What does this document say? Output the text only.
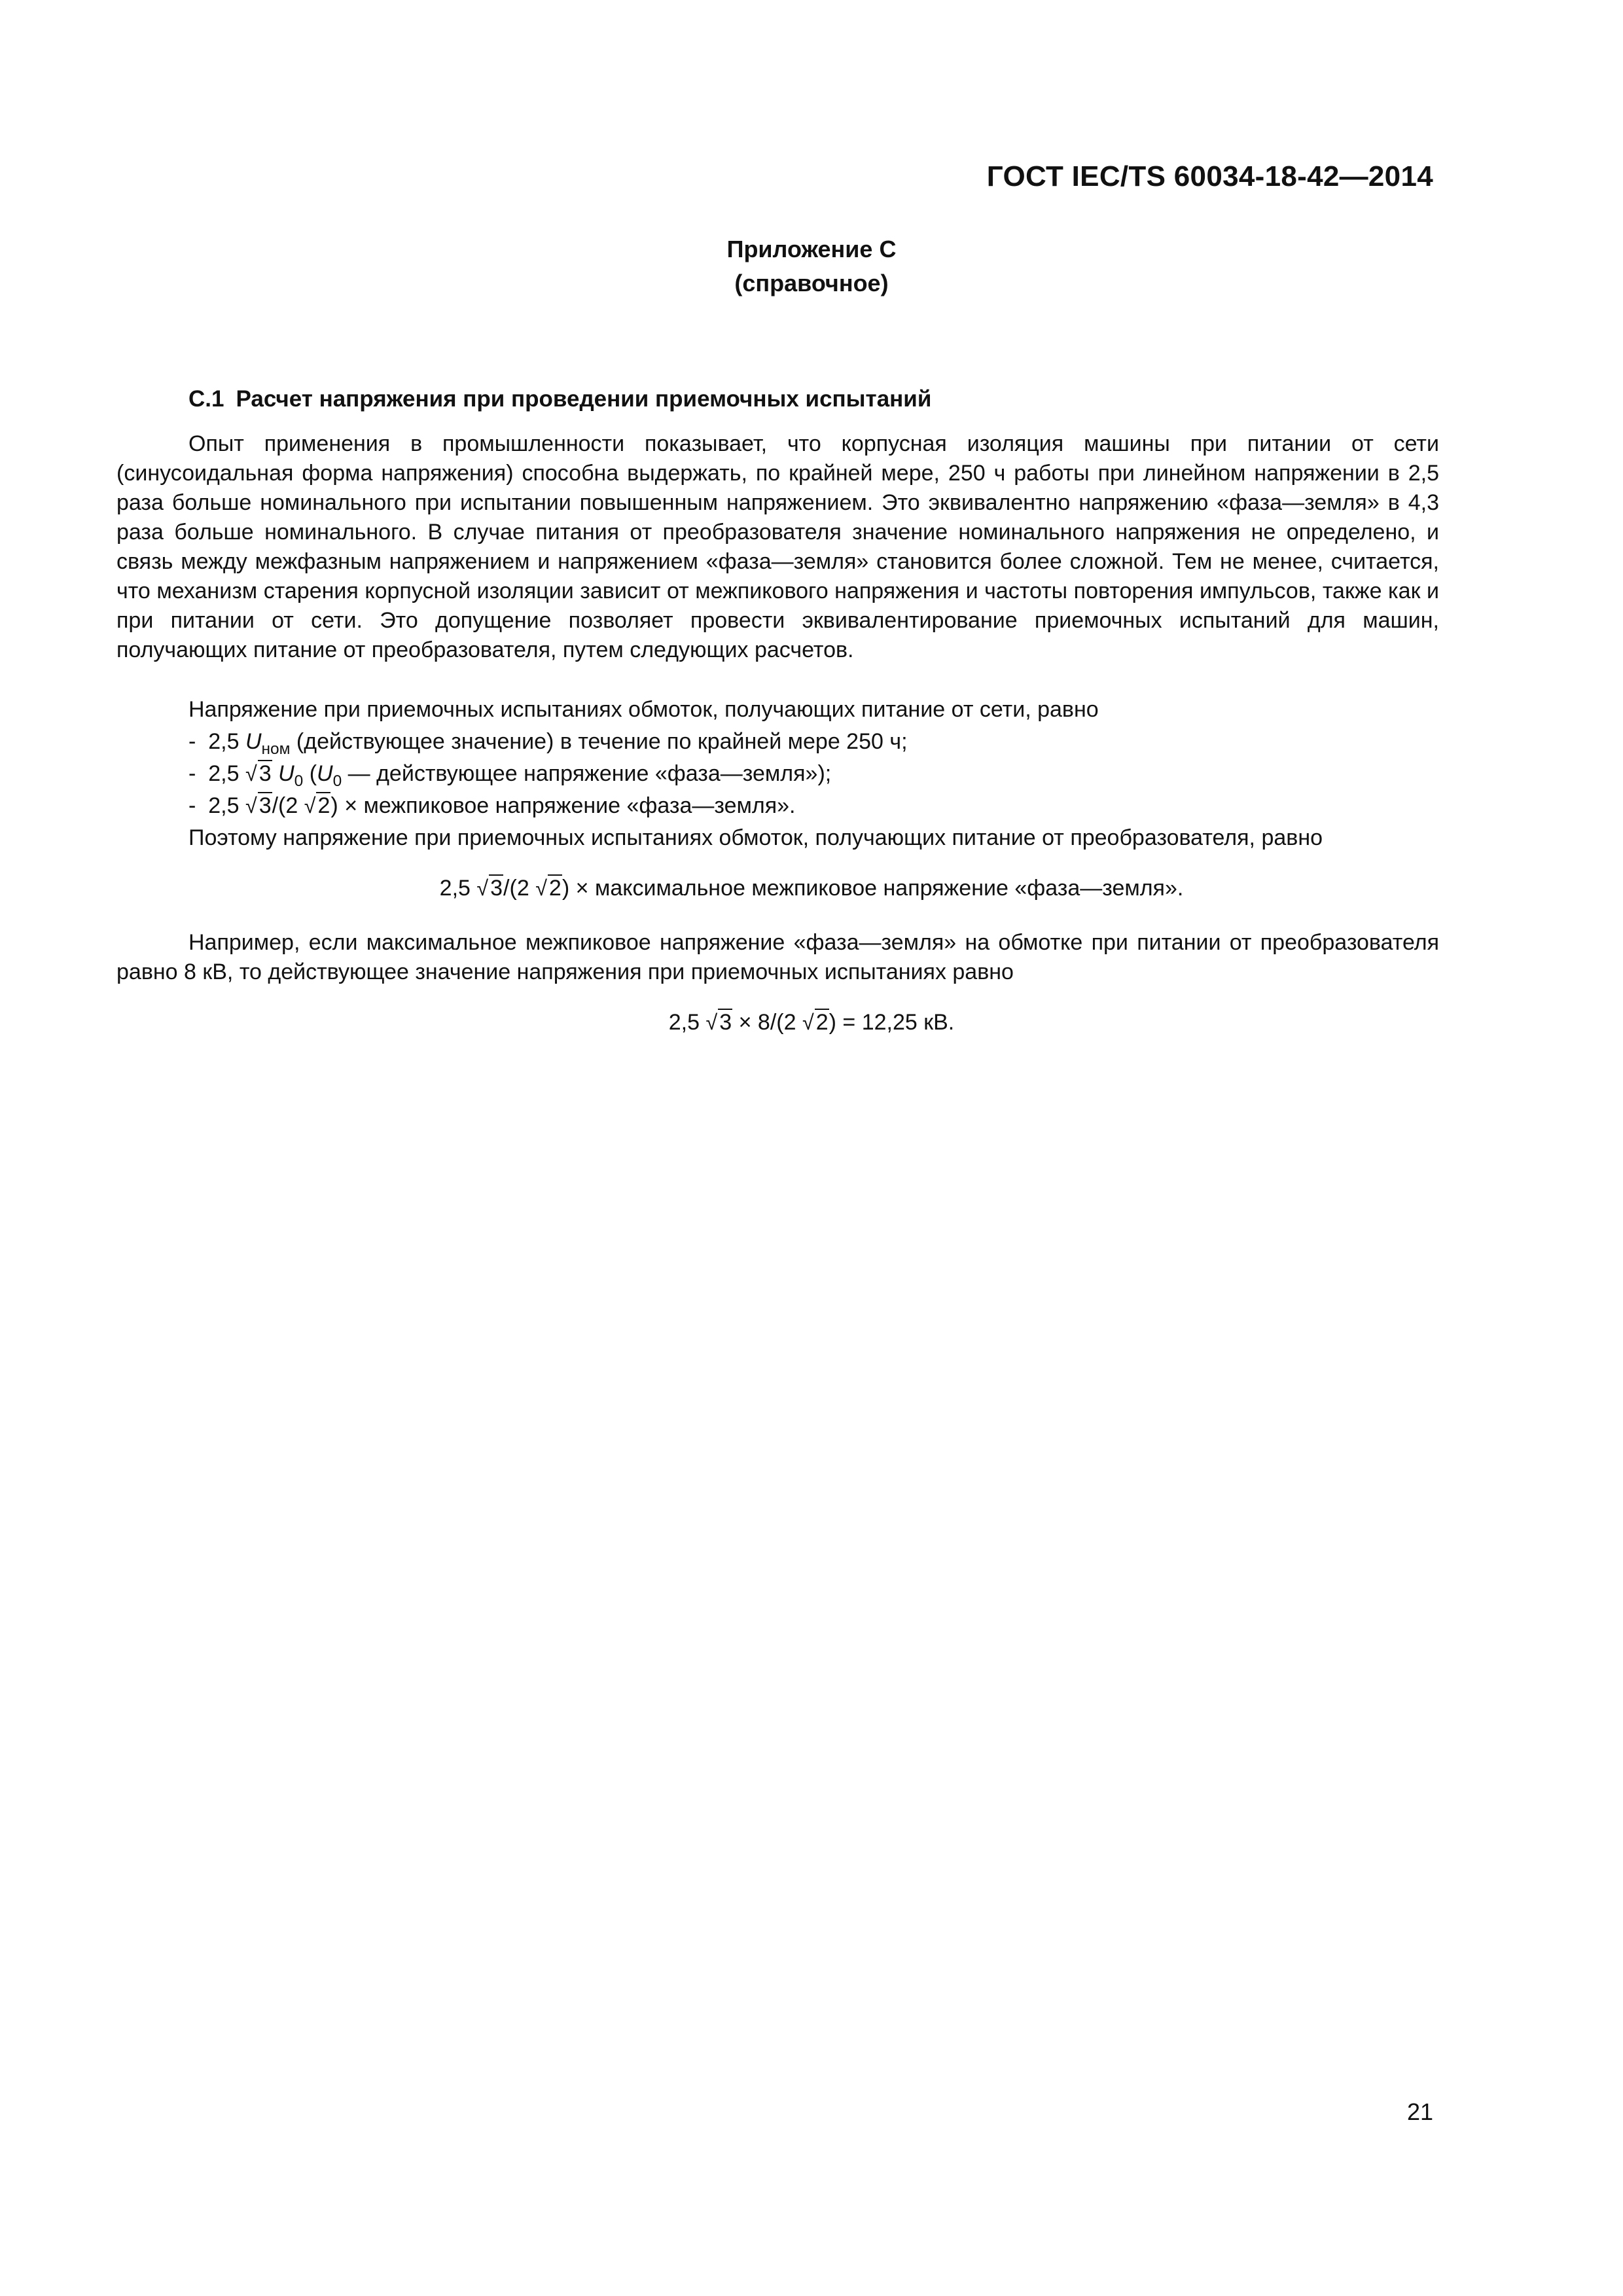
ГОСТ IEC/TS 60034-18-42—2014
Приложение С
(справочное)
С.1 Расчет напряжения при проведении приемочных испытаний
Опыт применения в промышленности показывает, что корпусная изоляция машины при питании от сети (синусоидальная форма напряжения) способна выдержать, по крайней мере, 250 ч работы при линейном напряжении в 2,5 раза больше номинального при испытании повышенным напряжением. Это эквивалентно напряжению «фаза—земля» в 4,3 раза больше номинального. В случае питания от преобразователя значение номинального напряжения не определено, и связь между межфазным напряжением и напряжением «фаза—земля» становится более сложной. Тем не менее, считается, что механизм старения корпусной изоляции зависит от межпикового напряжения и частоты повторения импульсов, также как и при питании от сети. Это допущение позволяет провести эквивалентирование приемочных испытаний для машин, получающих питание от преобразователя, путем следующих расчетов.
Напряжение при приемочных испытаниях обмоток, получающих питание от сети, равно
- 2,5 $U_{ном}$ (действующее значение) в течение по крайней мере 250 ч;
- 2,5 √3 $U_0$ ($U_0$ — действующее напряжение «фаза—земля»);
- 2,5 √3/(2 √2) × межпиковое напряжение «фаза—земля».
Поэтому напряжение при приемочных испытаниях обмоток, получающих питание от преобразователя, равно
2,5 √3/(2 √2) × максимальное межпиковое напряжение «фаза—земля».
Например, если максимальное межпиковое напряжение «фаза—земля» на обмотке при питании от преобразователя равно 8 кВ, то действующее значение напряжения при приемочных испытаниях равно
2,5 √3 × 8/(2 √2) = 12,25 кВ.
21
